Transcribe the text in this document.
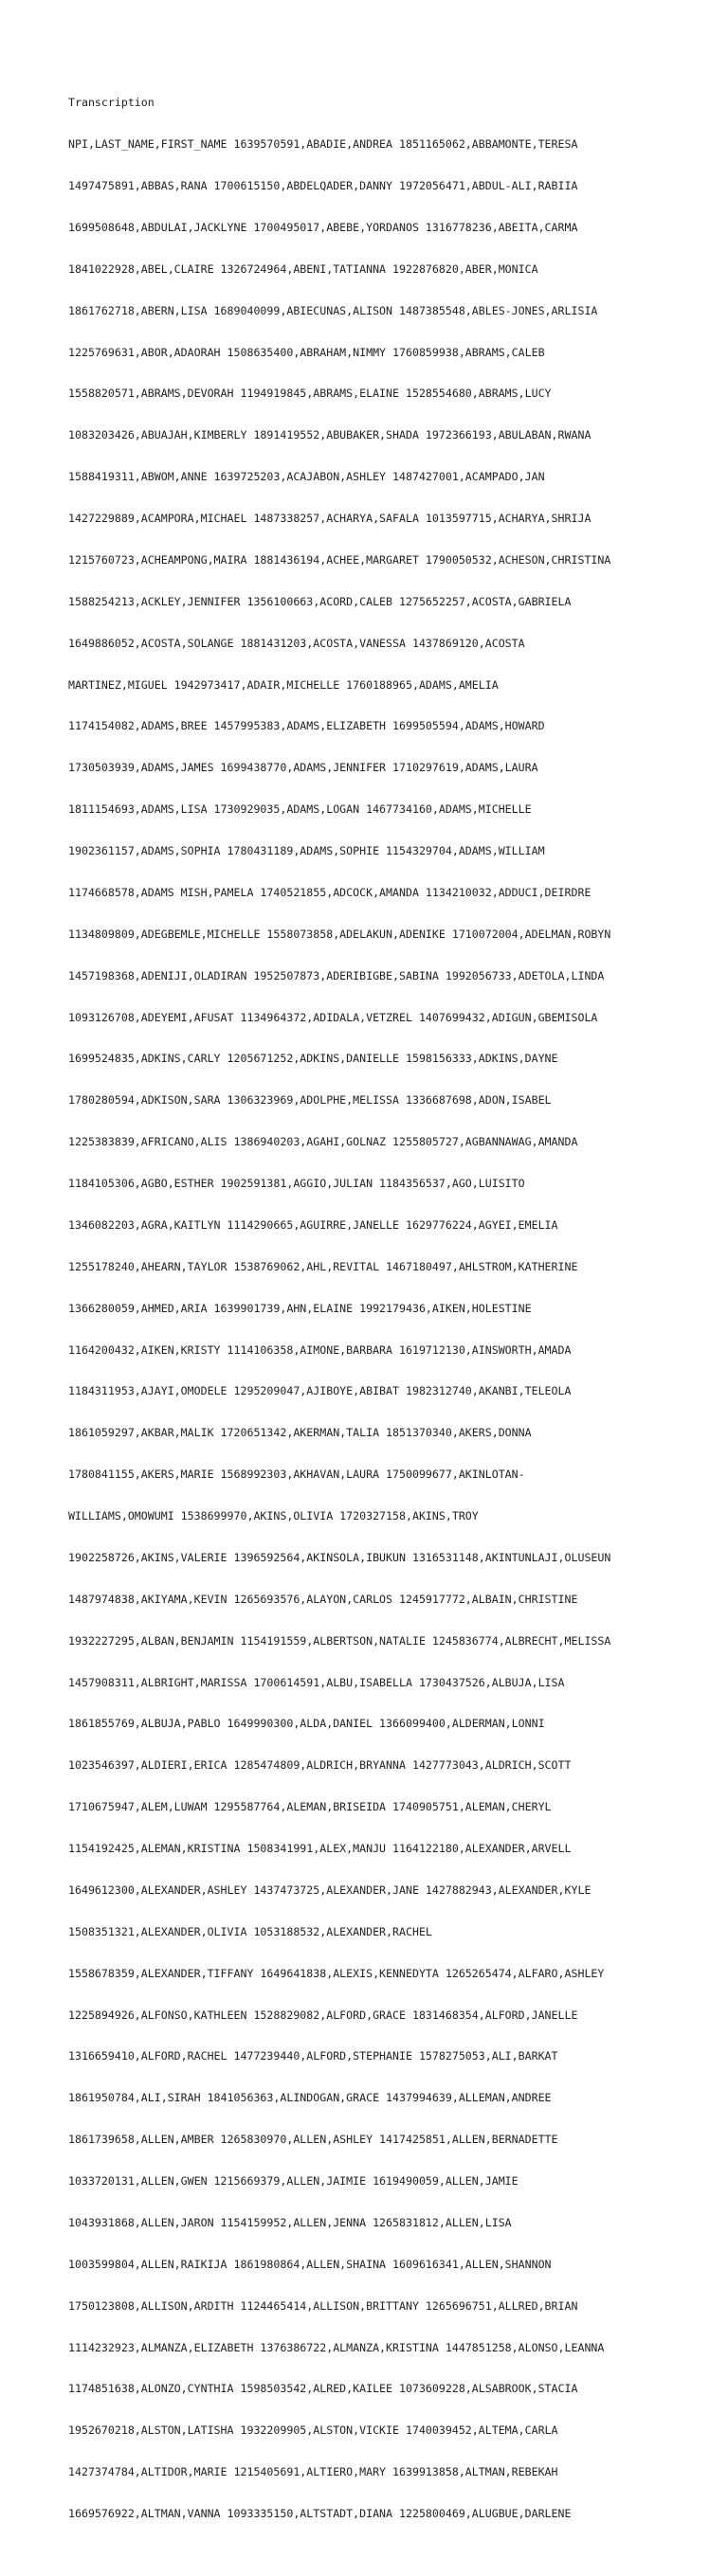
Transcription

NPI,LAST_NAME,FIRST_NAME 1639570591,ABADIE,ANDREA 1851165062,ABBAMONTE,TERESA

1497475891,ABBAS,RANA 1700615150,ABDELQADER,DANNY 1972056471,ABDUL-ALI,RABIIA

1699508648,ABDULAI,JACKLYNE 1700495017,ABEBE,YORDANOS 1316778236,ABEITA,CARMA

1841022928,ABEL,CLAIRE 1326724964,ABENI,TATIANNA 1922876820,ABER,MONICA

1861762718,ABERN,LISA 1689040099,ABIECUNAS,ALISON 1487385548,ABLES-JONES,ARLISIA

1225769631,ABOR,ADAORAH 1508635400,ABRAHAM,NIMMY 1760859938,ABRAMS,CALEB

1558820571,ABRAMS,DEVORAH 1194919845,ABRAMS,ELAINE 1528554680,ABRAMS,LUCY

1083203426,ABUAJAH,KIMBERLY 1891419552,ABUBAKER,SHADA 1972366193,ABULABAN,RWANA

1588419311,ABWOM,ANNE 1639725203,ACAJABON,ASHLEY 1487427001,ACAMPADO,JAN

1427229889,ACAMPORA,MICHAEL 1487338257,ACHARYA,SAFALA 1013597715,ACHARYA,SHRIJA

1215760723,ACHEAMPONG,MAIRA 1881436194,ACHEE,MARGARET 1790050532,ACHESON,CHRISTINA

1588254213,ACKLEY,JENNIFER 1356100663,ACORD,CALEB 1275652257,ACOSTA,GABRIELA

1649886052,ACOSTA,SOLANGE 1881431203,ACOSTA,VANESSA 1437869120,ACOSTA

MARTINEZ,MIGUEL 1942973417,ADAIR,MICHELLE 1760188965,ADAMS,AMELIA

1174154082,ADAMS,BREE 1457995383,ADAMS,ELIZABETH 1699505594,ADAMS,HOWARD

1730503939,ADAMS,JAMES 1699438770,ADAMS,JENNIFER 1710297619,ADAMS,LAURA

1811154693,ADAMS,LISA 1730929035,ADAMS,LOGAN 1467734160,ADAMS,MICHELLE

1902361157,ADAMS,SOPHIA 1780431189,ADAMS,SOPHIE 1154329704,ADAMS,WILLIAM

1174668578,ADAMS MISH,PAMELA 1740521855,ADCOCK,AMANDA 1134210032,ADDUCI,DEIRDRE

1134809809,ADEGBEMLE,MICHELLE 1558073858,ADELAKUN,ADENIKE 1710072004,ADELMAN,ROBYN

1457198368,ADENIJI,OLADIRAN 1952507873,ADERIBIGBE,SABINA 1992056733,ADETOLA,LINDA

1093126708,ADEYEMI,AFUSAT 1134964372,ADIDALA,VETZREL 1407699432,ADIGUN,GBEMISOLA

1699524835,ADKINS,CARLY 1205671252,ADKINS,DANIELLE 1598156333,ADKINS,DAYNE

1780280594,ADKISON,SARA 1306323969,ADOLPHE,MELISSA 1336687698,ADON,ISABEL

1225383839,AFRICANO,ALIS 1386940203,AGAHI,GOLNAZ 1255805727,AGBANNAWAG,AMANDA

1184105306,AGBO,ESTHER 1902591381,AGGIO,JULIAN 1184356537,AGO,LUISITO

1346082203,AGRA,KAITLYN 1114290665,AGUIRRE,JANELLE 1629776224,AGYEI,EMELIA

1255178240,AHEARN,TAYLOR 1538769062,AHL,REVITAL 1467180497,AHLSTROM,KATHERINE

1366280059,AHMED,ARIA 1639901739,AHN,ELAINE 1992179436,AIKEN,HOLESTINE

1164200432,AIKEN,KRISTY 1114106358,AIMONE,BARBARA 1619712130,AINSWORTH,AMADA

1184311953,AJAYI,OMODELE 1295209047,AJIBOYE,ABIBAT 1982312740,AKANBI,TELEOLA

1861059297,AKBAR,MALIK 1720651342,AKERMAN,TALIA 1851370340,AKERS,DONNA

1780841155,AKERS,MARIE 1568992303,AKHAVAN,LAURA 1750099677,AKINLOTAN-

WILLIAMS,OMOWUMI 1538699970,AKINS,OLIVIA 1720327158,AKINS,TROY

1902258726,AKINS,VALERIE 1396592564,AKINSOLA,IBUKUN 1316531148,AKINTUNLAJI,OLUSEUN

1487974838,AKIYAMA,KEVIN 1265693576,ALAYON,CARLOS 1245917772,ALBAIN,CHRISTINE

1932227295,ALBAN,BENJAMIN 1154191559,ALBERTSON,NATALIE 1245836774,ALBRECHT,MELISSA

1457908311,ALBRIGHT,MARISSA 1700614591,ALBU,ISABELLA 1730437526,ALBUJA,LISA

1861855769,ALBUJA,PABLO 1649990300,ALDA,DANIEL 1366099400,ALDERMAN,LONNI

1023546397,ALDIERI,ERICA 1285474809,ALDRICH,BRYANNA 1427773043,ALDRICH,SCOTT

1710675947,ALEM,LUWAM 1295587764,ALEMAN,BRISEIDA 1740905751,ALEMAN,CHERYL

1154192425,ALEMAN,KRISTINA 1508341991,ALEX,MANJU 1164122180,ALEXANDER,ARVELL

1649612300,ALEXANDER,ASHLEY 1437473725,ALEXANDER,JANE 1427882943,ALEXANDER,KYLE

1508351321,ALEXANDER,OLIVIA 1053188532,ALEXANDER,RACHEL

1558678359,ALEXANDER,TIFFANY 1649641838,ALEXIS,KENNEDYTA 1265265474,ALFARO,ASHLEY

1225894926,ALFONSO,KATHLEEN 1528829082,ALFORD,GRACE 1831468354,ALFORD,JANELLE

1316659410,ALFORD,RACHEL 1477239440,ALFORD,STEPHANIE 1578275053,ALI,BARKAT

1861950784,ALI,SIRAH 1841056363,ALINDOGAN,GRACE 1437994639,ALLEMAN,ANDREE

1861739658,ALLEN,AMBER 1265830970,ALLEN,ASHLEY 1417425851,ALLEN,BERNADETTE

1033720131,ALLEN,GWEN 1215669379,ALLEN,JAIMIE 1619490059,ALLEN,JAMIE

1043931868,ALLEN,JARON 1154159952,ALLEN,JENNA 1265831812,ALLEN,LISA

1003599804,ALLEN,RAIKIJA 1861980864,ALLEN,SHAINA 1609616341,ALLEN,SHANNON

1750123808,ALLISON,ARDITH 1124465414,ALLISON,BRITTANY 1265696751,ALLRED,BRIAN

1114232923,ALMANZA,ELIZABETH 1376386722,ALMANZA,KRISTINA 1447851258,ALONSO,LEANNA

1174851638,ALONZO,CYNTHIA 1598503542,ALRED,KAILEE 1073609228,ALSABROOK,STACIA

1952670218,ALSTON,LATISHA 1932209905,ALSTON,VICKIE 1740039452,ALTEMA,CARLA

1427374784,ALTIDOR,MARIE 1215405691,ALTIERO,MARY 1639913858,ALTMAN,REBEKAH

1669576922,ALTMAN,VANNA 1093335150,ALTSTADT,DIANA 1225800469,ALUGBUE,DARLENE
